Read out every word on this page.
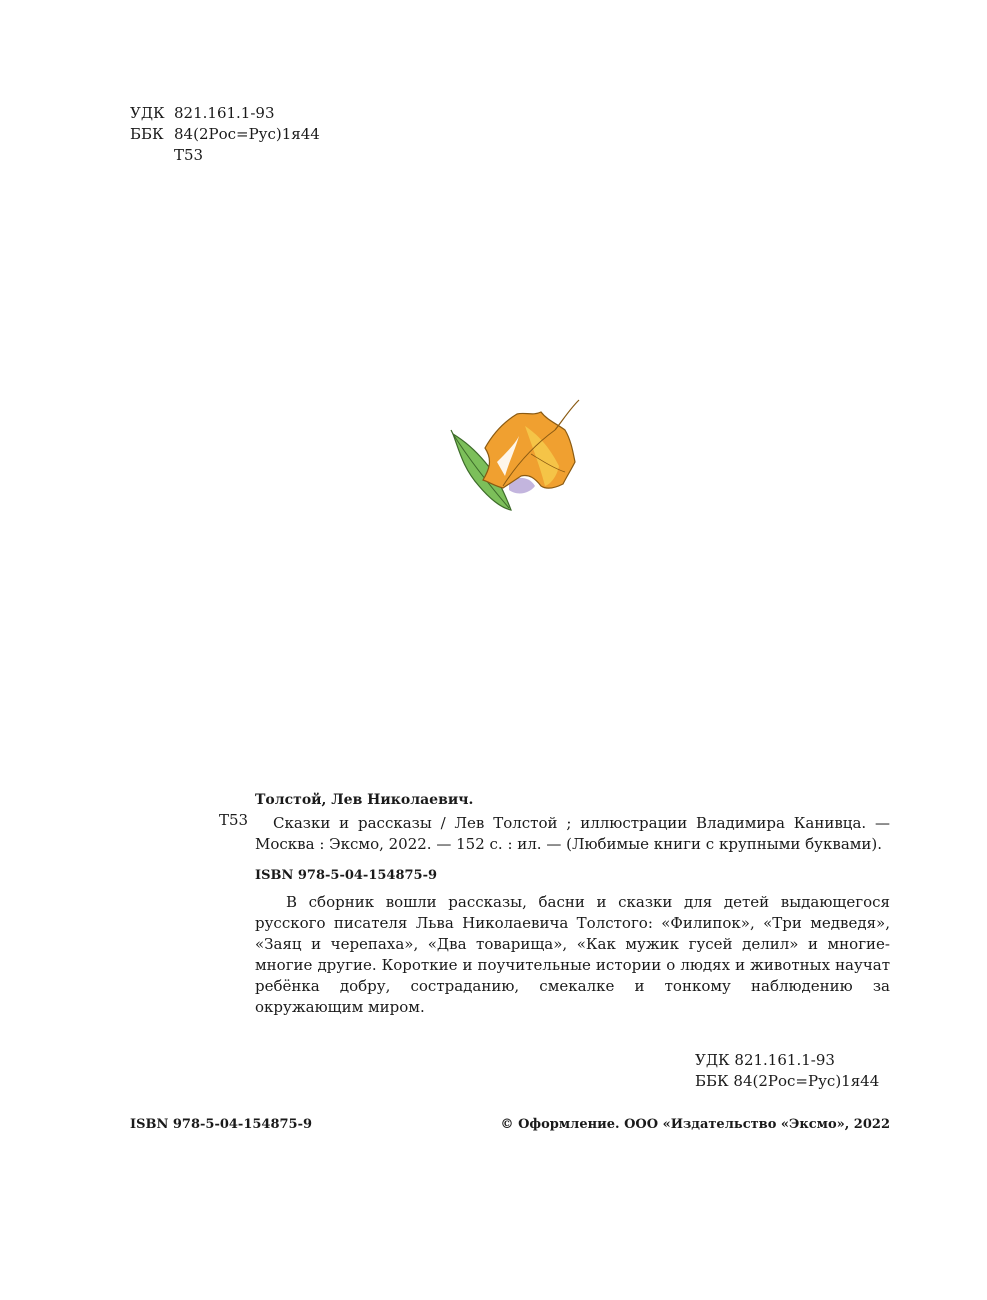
УДК 821.161.1-93
ББК 84(2Рос=Рус)1я44
Т53
Т53
Толстой, Лев Николаевич.
Сказки и рассказы / Лев Толстой ; иллюстрации Владимира Канивца. — Москва : Эксмо, 2022. — 152 с. : ил. — (Любимые книги с крупными буквами).
ISBN 978-5-04-154875-9
В сборник вошли рассказы, басни и сказки для детей выдающегося русского писателя Льва Николаевича Толстого: «Филипок», «Три медведя», «Заяц и черепаха», «Два товарища», «Как мужик гусей делил» и многие-многие другие. Короткие и поучительные истории о людях и животных научат ребёнка добру, состраданию, смекалке и тонкому наблюдению за окружающим миром.
УДК 821.161.1-93
ББК 84(2Рос=Рус)1я44
ISBN 978-5-04-154875-9	© Оформление. ООО «Издательство «Эксмо», 2022
